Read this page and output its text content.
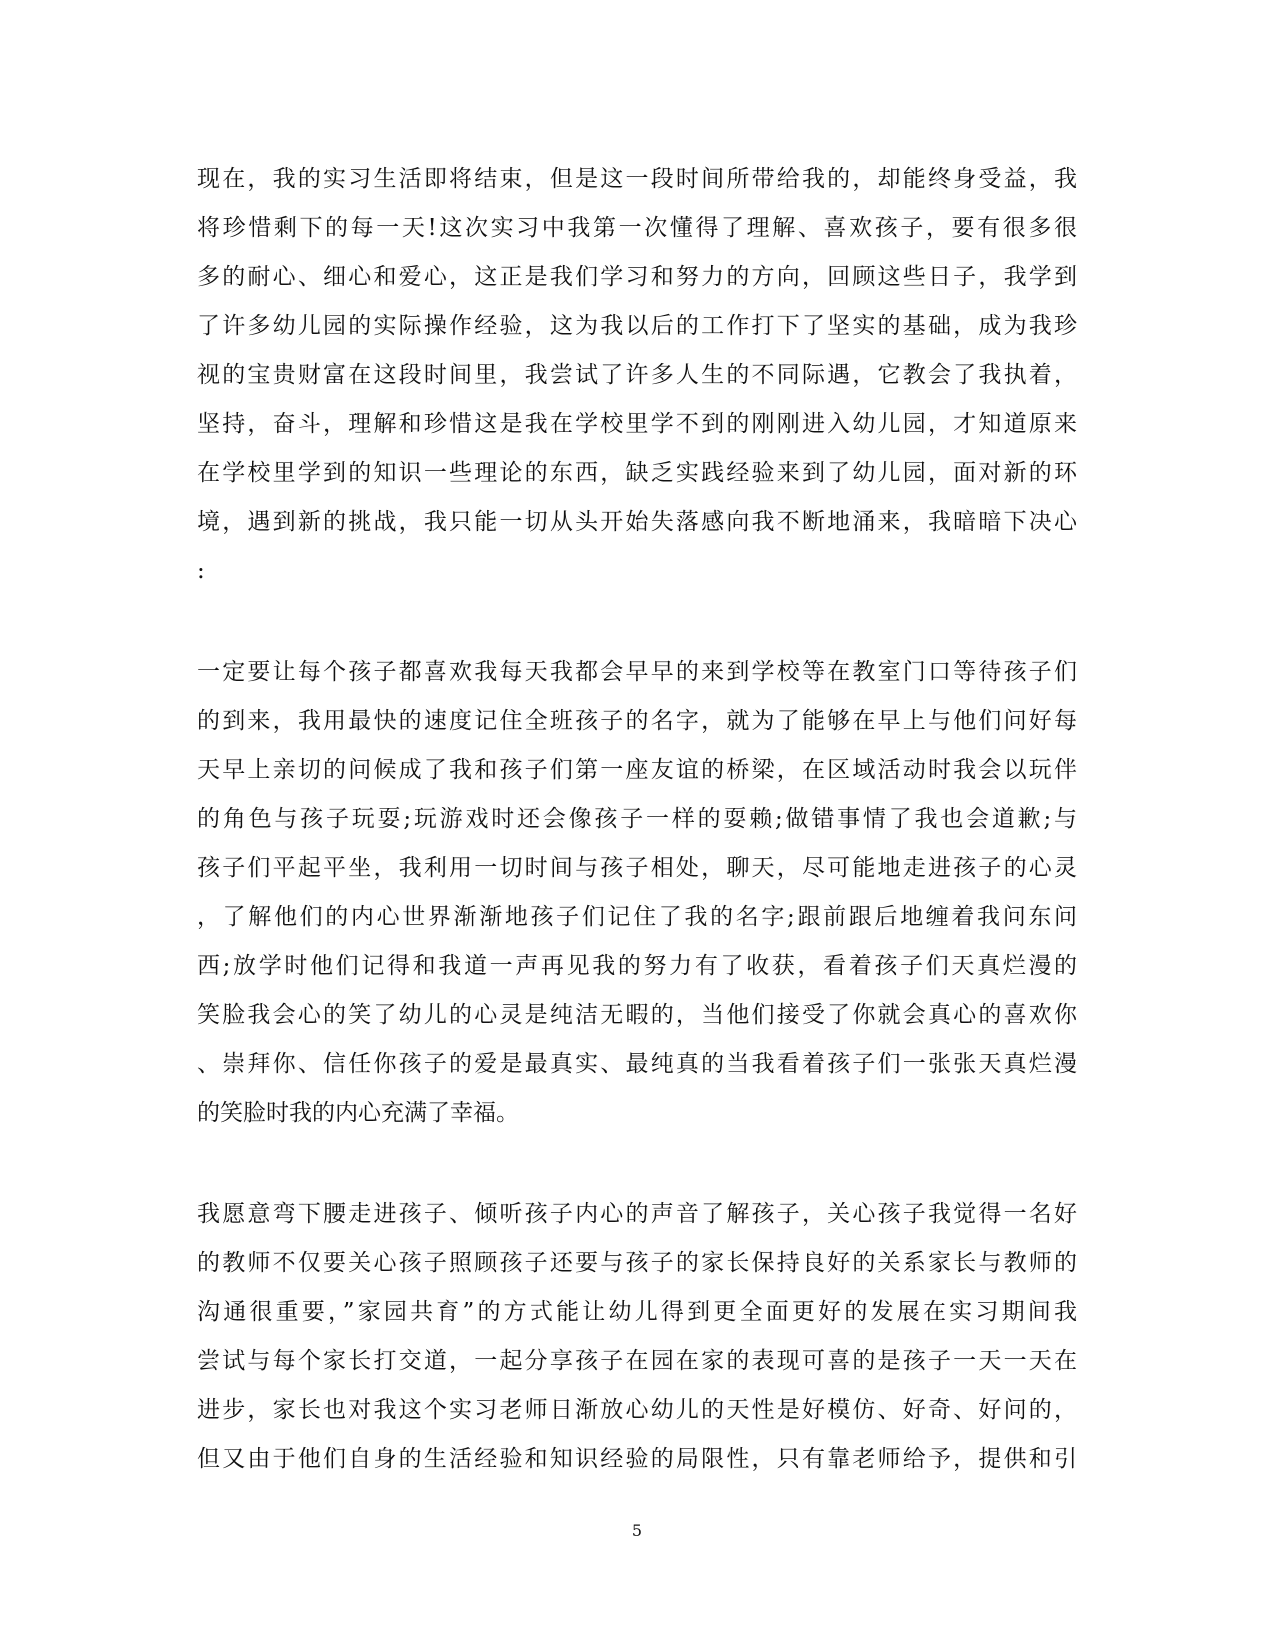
现在，我的实习生活即将结束，但是这一段时间所带给我的，却能终身受益，我
将珍惜剩下的每一天!这次实习中我第一次懂得了理解、喜欢孩子，要有很多很
多的耐心、细心和爱心，这正是我们学习和努力的方向，回顾这些日子，我学到
了许多幼儿园的实际操作经验，这为我以后的工作打下了坚实的基础，成为我珍
视的宝贵财富在这段时间里，我尝试了许多人生的不同际遇，它教会了我执着，
坚持，奋斗，理解和珍惜这是我在学校里学不到的刚刚进入幼儿园，才知道原来
在学校里学到的知识一些理论的东西，缺乏实践经验来到了幼儿园，面对新的环
境，遇到新的挑战，我只能一切从头开始失落感向我不断地涌来，我暗暗下决心
:

一定要让每个孩子都喜欢我每天我都会早早的来到学校等在教室门口等待孩子们
的到来，我用最快的速度记住全班孩子的名字，就为了能够在早上与他们问好每
天早上亲切的问候成了我和孩子们第一座友谊的桥梁，在区域活动时我会以玩伴
的角色与孩子玩耍;玩游戏时还会像孩子一样的耍赖;做错事情了我也会道歉;与
孩子们平起平坐，我利用一切时间与孩子相处，聊天，尽可能地走进孩子的心灵
，了解他们的内心世界渐渐地孩子们记住了我的名字;跟前跟后地缠着我问东问
西;放学时他们记得和我道一声再见我的努力有了收获，看着孩子们天真烂漫的
笑脸我会心的笑了幼儿的心灵是纯洁无暇的，当他们接受了你就会真心的喜欢你
、崇拜你、信任你孩子的爱是最真实、最纯真的当我看着孩子们一张张天真烂漫
的笑脸时我的内心充满了幸福。

我愿意弯下腰走进孩子、倾听孩子内心的声音了解孩子，关心孩子我觉得一名好
的教师不仅要关心孩子照顾孩子还要与孩子的家长保持良好的关系家长与教师的
沟通很重要，”家园共育”的方式能让幼儿得到更全面更好的发展在实习期间我
尝试与每个家长打交道，一起分享孩子在园在家的表现可喜的是孩子一天一天在
进步，家长也对我这个实习老师日渐放心幼儿的天性是好模仿、好奇、好问的，
但又由于他们自身的生活经验和知识经验的局限性，只有靠老师给予，提供和引

5
